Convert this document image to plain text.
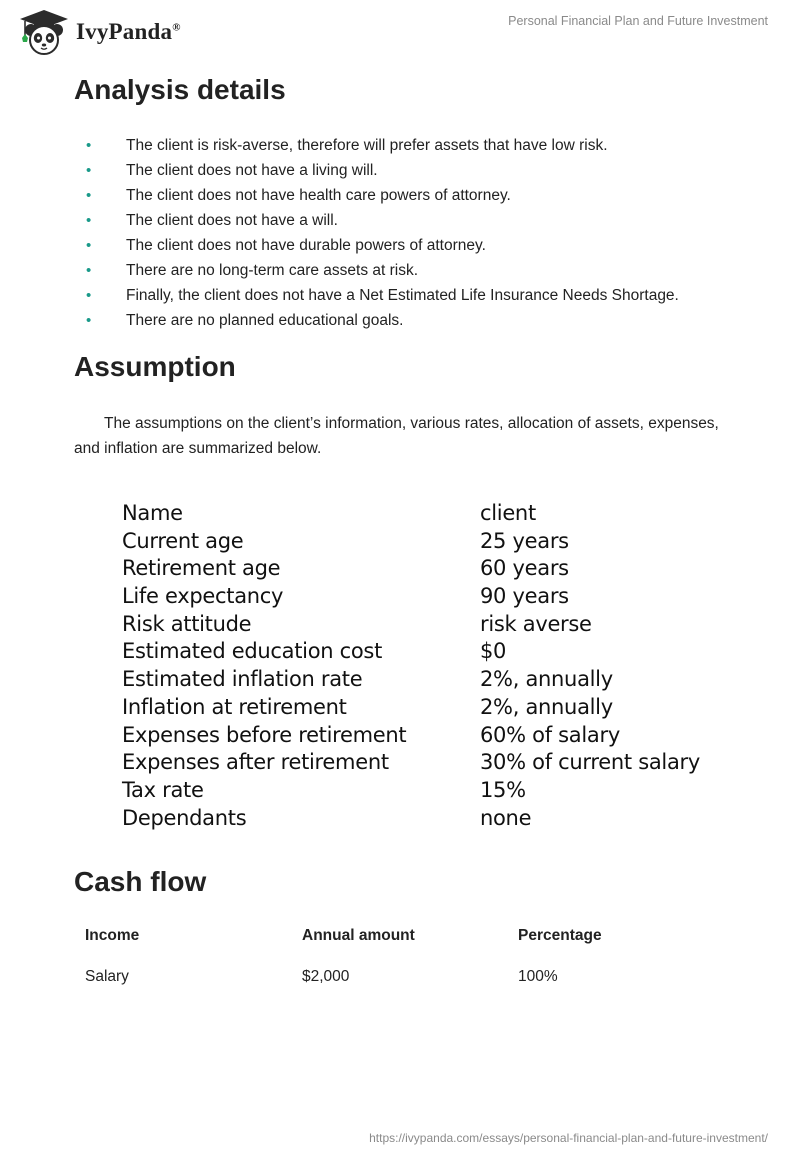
IvyPanda®	Personal Financial Plan and Future Investment
Analysis details
•	The client is risk-averse, therefore will prefer assets that have low risk.
•	The client does not have a living will.
•	The client does not have health care powers of attorney.
•	The client does not have a will.
•	The client does not have durable powers of attorney.
•	There are no long-term care assets at risk.
•	Finally, the client does not have a Net Estimated Life Insurance Needs Shortage.
•	There are no planned educational goals.
Assumption

The assumptions on the client’s information, various rates, allocation of assets, expenses, and inflation are summarized below.

Name	client
Current age	25 years
Retirement age	60 years
Life expectancy	90 years
Risk attitude	risk averse
Estimated education cost	$0
Estimated inflation rate	2%, annually
Inflation at retirement	2%, annually
Expenses before retirement	60% of salary
Expenses after retirement	30% of current salary
Tax rate	15%
Dependants	none
Cash flow
Income	Annual amount	Percentage
Salary	$2,000	100%
https://ivypanda.com/essays/personal-financial-plan-and-future-investment/
